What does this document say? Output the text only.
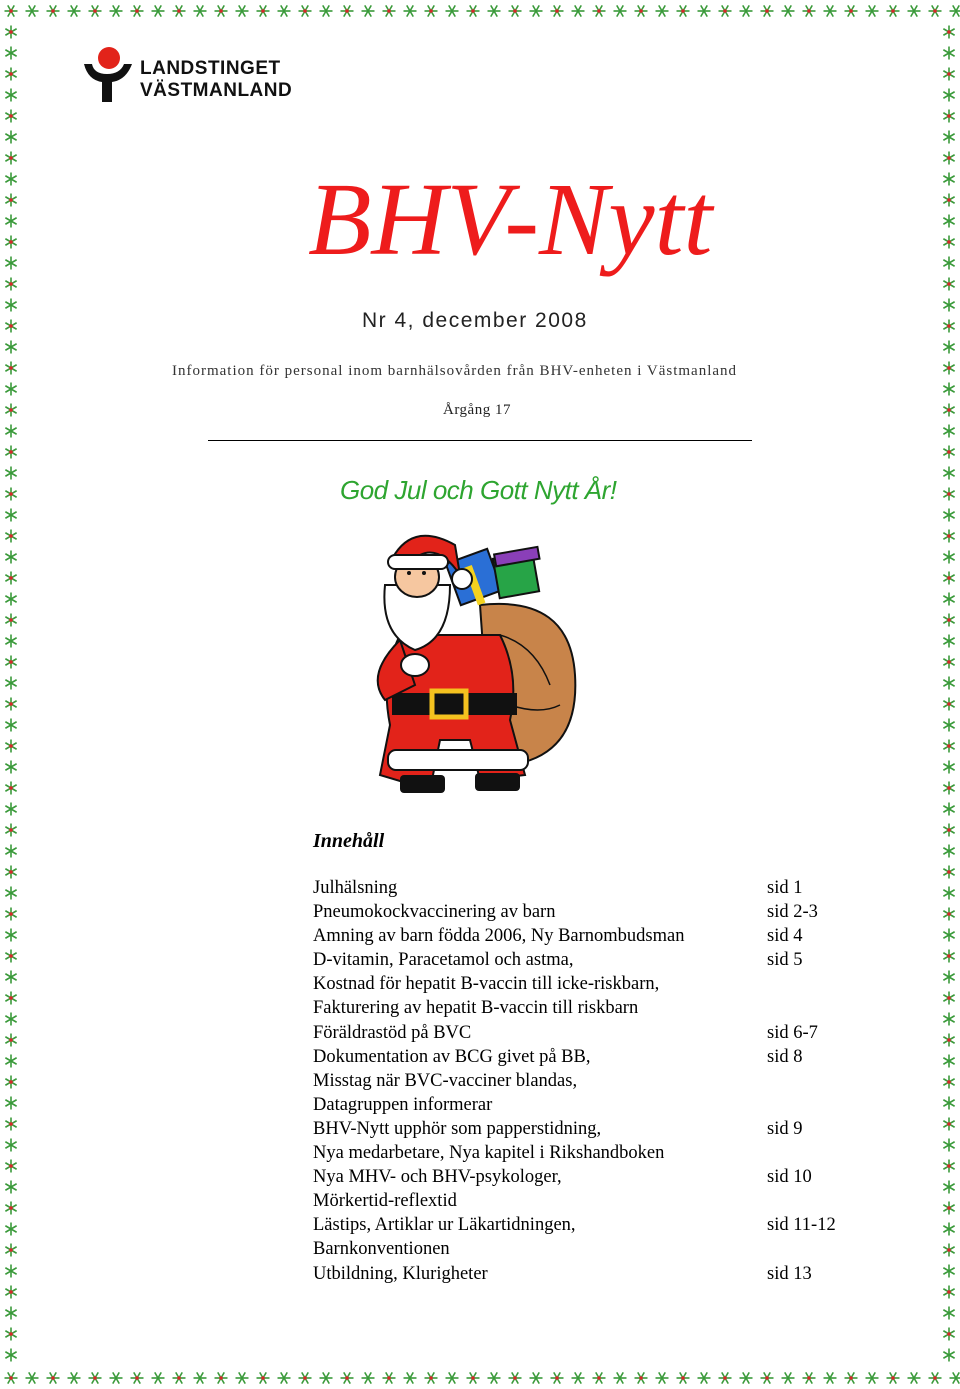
LANDSTINGET
VÄSTMANLAND
BHV-Nytt
Nr 4, december 2008
Information för personal inom barnhälsovården från BHV-enheten i Västmanland
Årgång 17
God Jul och Gott Nytt År!
Innehåll
Julhälsning	sid 1
Pneumokockvaccinering av barn	sid 2-3
Amning av barn födda 2006, Ny Barnombudsman	sid 4
D-vitamin, Paracetamol och astma,	sid 5
Kostnad för hepatit B-vaccin till icke-riskbarn,
Fakturering av hepatit B-vaccin till riskbarn
Föräldrastöd på BVC	sid 6-7
Dokumentation av BCG givet på BB,	sid 8
Misstag när BVC-vacciner blandas,
Datagruppen informerar
BHV-Nytt upphör som papperstidning,	sid 9
Nya medarbetare, Nya kapitel i Rikshandboken
Nya MHV- och BHV-psykologer,	sid 10
Mörkertid-reflextid
Lästips, Artiklar ur Läkartidningen,	sid 11-12
Barnkonventionen
Utbildning, Klurigheter	sid 13
